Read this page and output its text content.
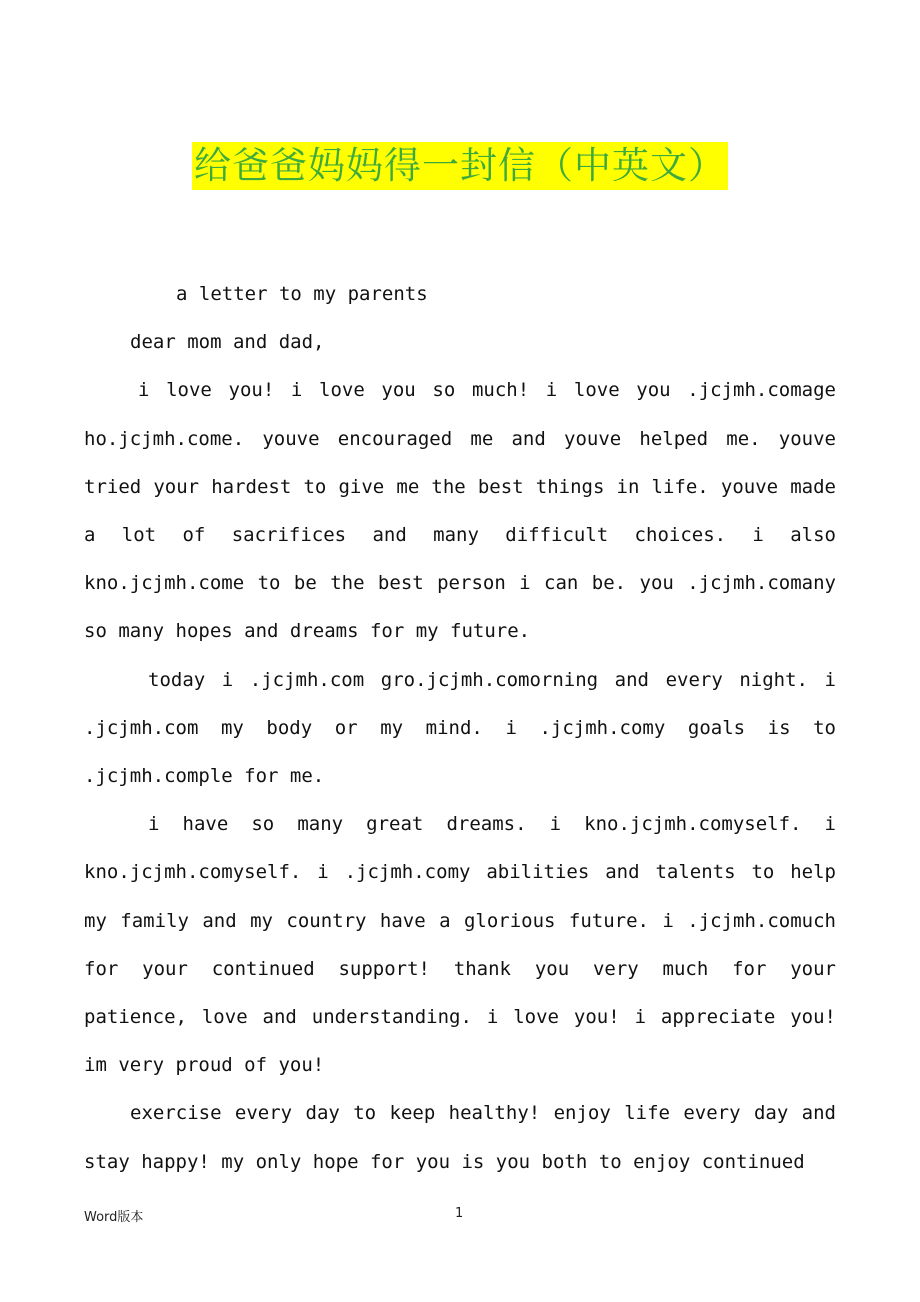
给爸爸妈妈得一封信（中英文）

a letter to my parents

dear mom and dad,

i love you! i love you so much! i love you .jcjmh.comage ho.jcjmh.come. youve encouraged me and youve helped me. youve tried your hardest to give me the best things in life. youve made a lot of sacrifices and many difficult choices. i also kno.jcjmh.come to be the best person i can be. you .jcjmh.comany so many hopes and dreams for my future.

today i .jcjmh.com gro.jcjmh.comorning and every night. i .jcjmh.com my body or my mind. i .jcjmh.comy goals is to .jcjmh.comple for me.

i have so many great dreams. i kno.jcjmh.comyself. i kno.jcjmh.comyself. i .jcjmh.comy abilities and talents to help my family and my country have a glorious future. i .jcjmh.comuch for your continued support! thank you very much for your patience, love and understanding. i love you! i appreciate you! im very proud of you!

exercise every day to keep healthy! enjoy life every day and stay happy! my only hope for you is you both to enjoy continued

Word版本	1
